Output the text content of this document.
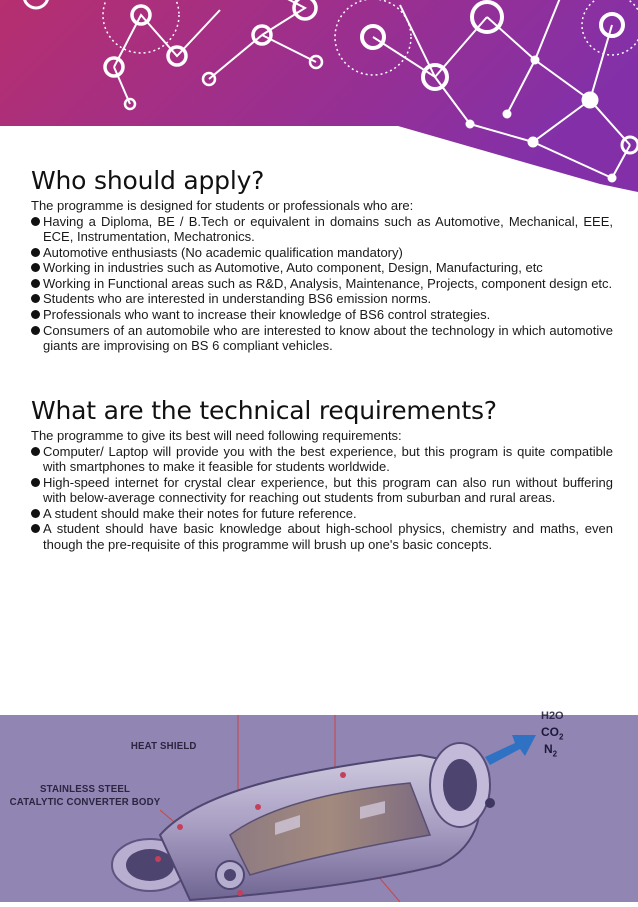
Who should apply?

The programme is designed for students or professionals who are:

Having a Diploma, BE / B.Tech or equivalent in domains such as Automotive, Mechanical, EEE, ECE, Instrumentation, Mechatronics.
Automotive enthusiasts (No academic qualification mandatory)
Working in industries such as Automotive, Auto component, Design, Manufacturing, etc
Working in Functional areas such as R&D, Analysis, Maintenance, Projects, component design etc.
Students who are interested in understanding BS6 emission norms.
Professionals who want to increase their knowledge of BS6 control strategies.
Consumers of an automobile who are interested to know about the technology in which automotive giants are improvising on BS 6 compliant vehicles.
What are the technical requirements?

The programme to give its best will need following requirements:

Computer/ Laptop will provide you with the best experience, but this program is quite compatible with smartphones to make it feasible for students worldwide.
High-speed internet for crystal clear experience, but this program can also run without buffering with below-average connectivity for reaching out students from suburban and rural areas.
A student should make their notes for future reference.
A student should have basic knowledge about high-school physics, chemistry and maths, even though the pre-requisite of this programme will brush up one's basic concepts.
HEAT SHIELD
STAINLESS STEEL
CATALYTIC CONVERTER BODY
H2O
$CO_2$
$N_2$
